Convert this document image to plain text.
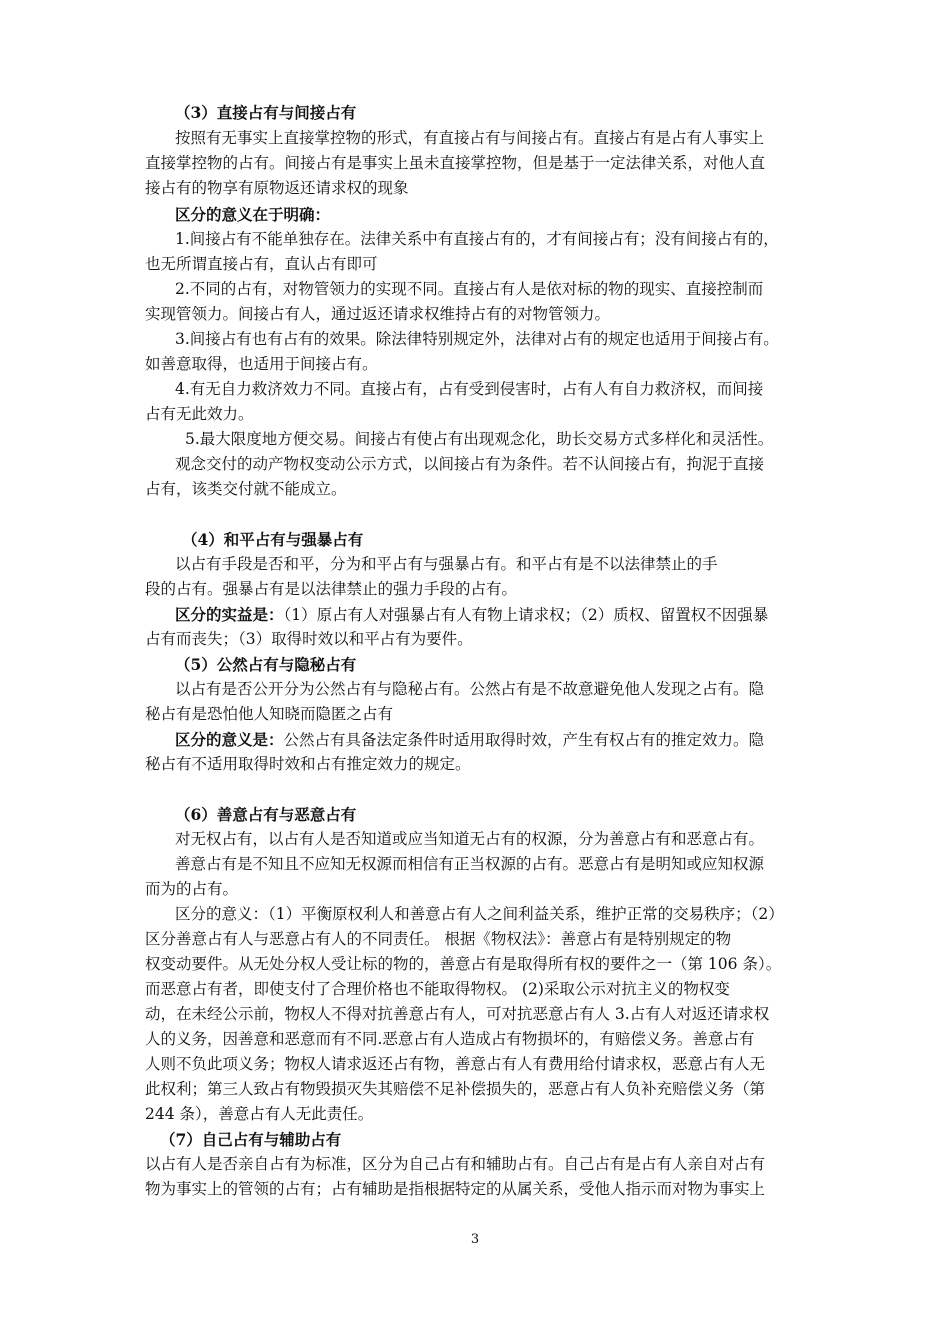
（3）直接占有与间接占有
按照有无事实上直接掌控物的形式，有直接占有与间接占有。直接占有是占有人事实上
直接掌控物的占有。间接占有是事实上虽未直接掌控物，但是基于一定法律关系，对他人直
接占有的物享有原物返还请求权的现象
区分的意义在于明确：
1.间接占有不能单独存在。法律关系中有直接占有的，才有间接占有；没有间接占有的，
也无所谓直接占有，直认占有即可
2.不同的占有，对物管领力的实现不同。直接占有人是依对标的物的现实、直接控制而
实现管领力。间接占有人，通过返还请求权维持占有的对物管领力。
3.间接占有也有占有的效果。除法律特别规定外，法律对占有的规定也适用于间接占有。
如善意取得，也适用于间接占有。
4.有无自力救济效力不同。直接占有，占有受到侵害时，占有人有自力救济权，而间接
占有无此效力。
5.最大限度地方便交易。间接占有使占有出现观念化，助长交易方式多样化和灵活性。
观念交付的动产物权变动公示方式，以间接占有为条件。若不认间接占有，拘泥于直接
占有，该类交付就不能成立。
（4）和平占有与强暴占有
以占有手段是否和平，分为和平占有与强暴占有。和平占有是不以法律禁止的手
段的占有。强暴占有是以法律禁止的强力手段的占有。
区分的实益是：（1）原占有人对强暴占有人有物上请求权；（2）质权、留置权不因强暴
占有而丧失；（3）取得时效以和平占有为要件。
（5）公然占有与隐秘占有
以占有是否公开分为公然占有与隐秘占有。公然占有是不故意避免他人发现之占有。隐
秘占有是恐怕他人知晓而隐匿之占有
区分的意义是：公然占有具备法定条件时适用取得时效，产生有权占有的推定效力。隐
秘占有不适用取得时效和占有推定效力的规定。
（6）善意占有与恶意占有
对无权占有，以占有人是否知道或应当知道无占有的权源，分为善意占有和恶意占有。
善意占有是不知且不应知无权源而相信有正当权源的占有。恶意占有是明知或应知权源
而为的占有。
区分的意义：（1）平衡原权利人和善意占有人之间利益关系，维护正常的交易秩序；（2）
区分善意占有人与恶意占有人的不同责任。 根据《物权法》：善意占有是特别规定的物
权变动要件。从无处分权人受让标的物的，善意占有是取得所有权的要件之一（第 106 条）。
而恶意占有者，即使支付了合理价格也不能取得物权。 (2)采取公示对抗主义的物权变
动，在未经公示前，物权人不得对抗善意占有人，可对抗恶意占有人 3.占有人对返还请求权
人的义务，因善意和恶意而有不同.恶意占有人造成占有物损坏的，有赔偿义务。善意占有
人则不负此项义务；物权人请求返还占有物，善意占有人有费用给付请求权，恶意占有人无
此权利；第三人致占有物毁损灭失其赔偿不足补偿损失的，恶意占有人负补充赔偿义务（第
244 条），善意占有人无此责任。
（7）自己占有与辅助占有
以占有人是否亲自占有为标准，区分为自己占有和辅助占有。自己占有是占有人亲自对占有
物为事实上的管领的占有；占有辅助是指根据特定的从属关系，受他人指示而对物为事实上
3
